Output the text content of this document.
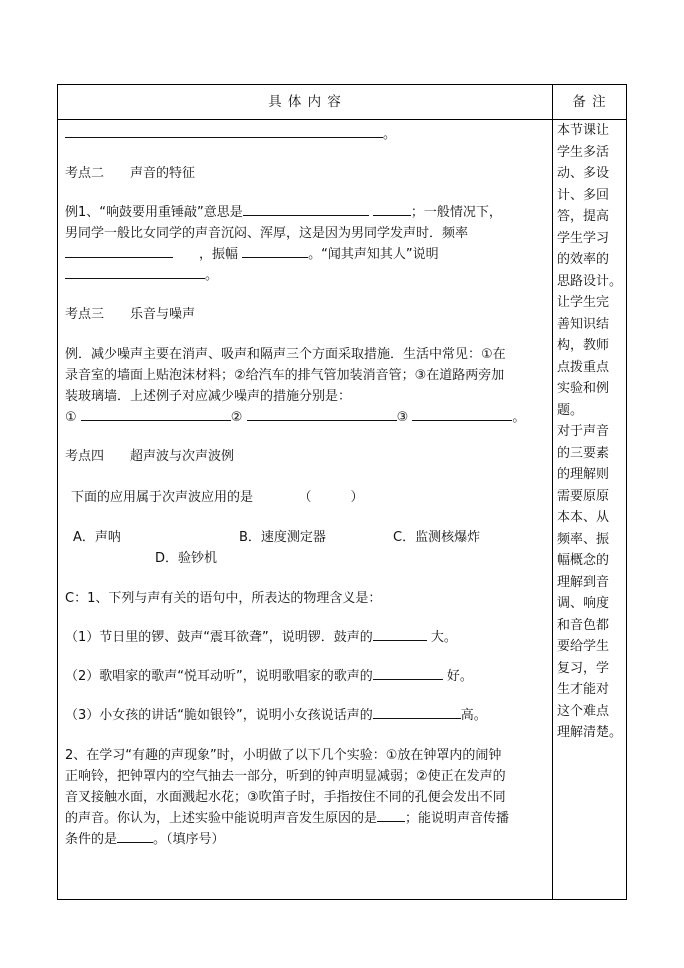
具 体 内 容	备 注

。

考点二　　声音的特征

例1、“响鼓要用重锤敲”意思是	；一般情况下，

男同学一般比女同学的声音沉闷、浑厚，这是因为男同学发声时．频率

　　，振幅	。“闻其声知其人”说明

。

考点三　　乐音与噪声

例．减少噪声主要在消声、吸声和隔声三个方面采取措施．生活中常见：①在

录音室的墙面上贴泡沫材料；②给汽车的排气管加装消音管；③在道路两旁加

装玻璃墙．上述例子对应减少噪声的措施分别是：

①	②	③	。

考点四　　超声波与次声波例

下面的应用属于次声波应用的是　　　　（　　　）

A．声呐	B．速度测定器	C．监测核爆炸

D．验钞机

C：1、下列与声有关的语句中，所表达的物理含义是：

（1）节日里的锣、鼓声“震耳欲聋”，说明锣．鼓声的	大。

（2）歌唱家的歌声“悦耳动听”，说明歌唱家的歌声的	好。

（3）小女孩的讲话“脆如银铃”，说明小女孩说话声的	高。

2、在学习“有趣的声现象”时，小明做了以下几个实验：①放在钟罩内的闹钟

正响铃，把钟罩内的空气抽去一部分，听到的钟声明显减弱；②使正在发声的

音叉接触水面，水面溅起水花；③吹笛子时，手指按住不同的孔便会发出不同

的声音。你认为，上述实验中能说明声音发生原因的是 ；能说明声音传播

条件的是	。（填序号）

本节课让
学生多活
动、多设
计、多回
答，提高
学生学习
的效率的
思路设计。
让学生完
善知识结
构，教师
点拨重点
实验和例
题。
对于声音
的三要素
的理解则
需要原原
本本、从
频率、振
幅概念的
理解到音
调、响度
和音色都
要给学生
复习，学
生才能对
这个难点
理解清楚。
